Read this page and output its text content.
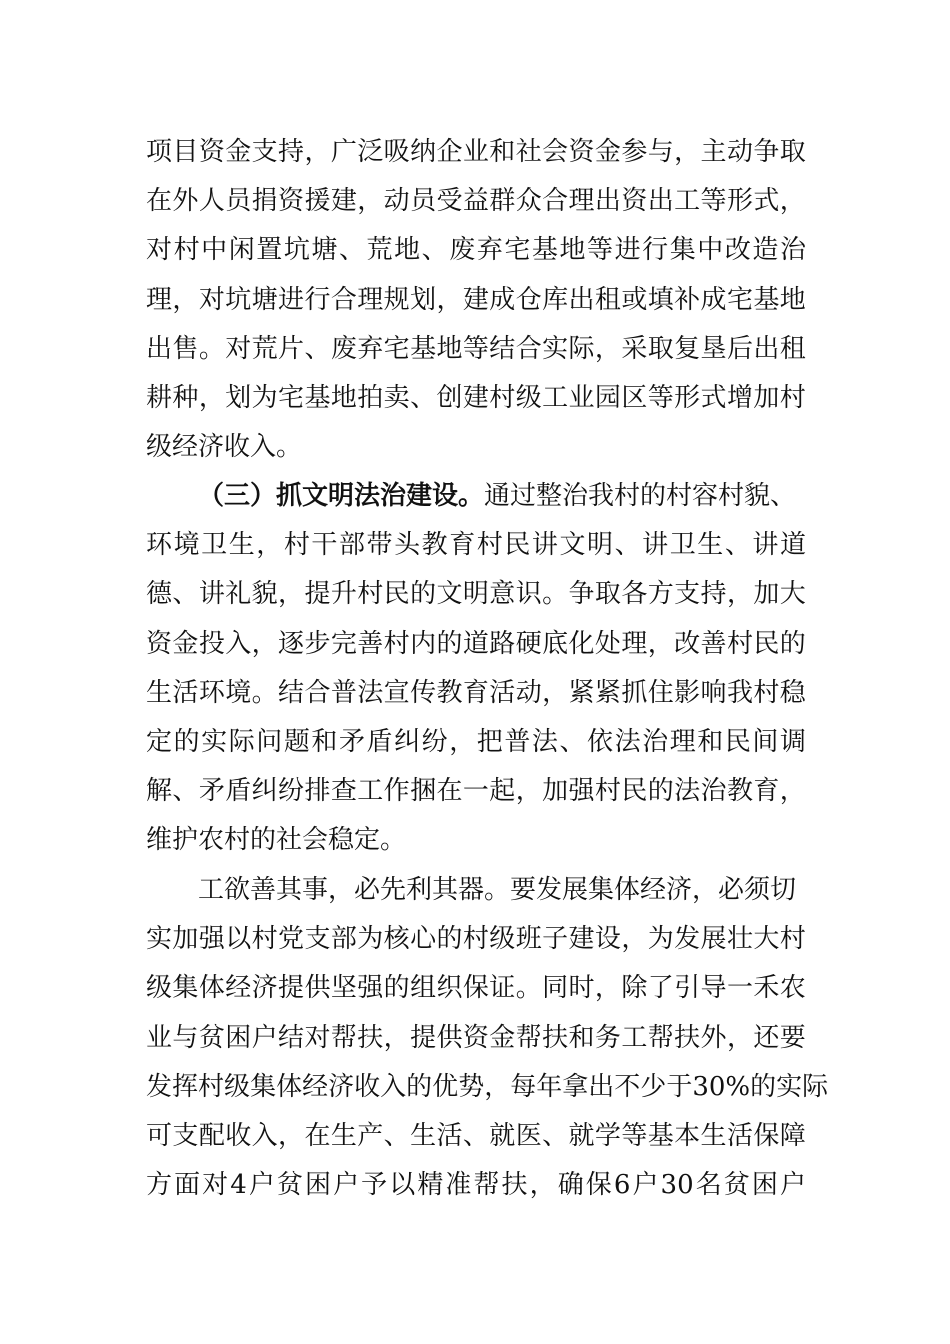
项 目 资 金 支 持 ， 广 泛 吸 纳 企 业 和 社 会 资 金 参 与 ， 主 动 争 取
在 外 人 员 捐 资 援 建 ， 动 员 受 益 群 众 合 理 出 资 出 工 等 形 式 ，
对 村 中 闲 置 坑 塘 、 荒 地 、 废 弃 宅 基 地 等 进 行 集 中 改 造 治
理 ， 对 坑 塘 进 行 合 理 规 划 ， 建 成 仓 库 出 租 或 填 补 成 宅 基 地
出 售 。 对 荒 片 、 废 弃 宅 基 地 等 结 合 实 际 ， 采 取 复 垦 后 出 租
耕 种 ， 划 为 宅 基 地 拍 卖 、 创 建 村 级 工 业 园 区 等 形 式 增 加 村
级经济收入。
（三）抓文明法治建设。通过整治我村的村容村貌、
环 境 卫 生 ， 村 干 部 带 头 教 育 村 民 讲 文 明 、 讲 卫 生 、 讲 道
德 、 讲 礼 貌 ， 提 升 村 民 的 文 明 意 识 。 争 取 各 方 支 持 ， 加 大
资 金 投 入 ， 逐 步 完 善 村 内 的 道 路 硬 底 化 处 理 ， 改 善 村 民 的
生 活 环 境 。 结 合 普 法 宣 传 教 育 活 动 ， 紧 紧 抓 住 影 响 我 村 稳
定 的 实 际 问 题 和 矛 盾 纠 纷 ， 把 普 法 、 依 法 治 理 和 民 间 调
解 、 矛 盾 纠 纷 排 查 工 作 捆 在 一 起 ， 加 强 村 民 的 法 治 教 育 ，
维护农村的社会稳定。
工欲善其事，必先利其器。要发展集体经济，必须切
实 加 强 以 村 党 支 部 为 核 心 的 村 级 班 子 建 设 ， 为 发 展 壮 大 村
级 集 体 经 济 提 供 坚 强 的 组 织 保 证 。 同 时 ， 除 了 引 导 一 禾 农
业 与 贫 困 户 结 对 帮 扶 ， 提 供 资 金 帮 扶 和 务 工 帮 扶 外 ， 还 要
发 挥 村 级 集 体 经 济 收 入 的 优 势 ， 每 年 拿 出 不 少 于 30% 的 实 际
可 支 配 收 入 ， 在 生 产 、 生 活 、 就 医 、 就 学 等 基 本 生 活 保 障
方 面 对 4 户 贫 困 户 予 以 精 准 帮 扶 ， 确 保 6 户 30 名 贫 困 户
